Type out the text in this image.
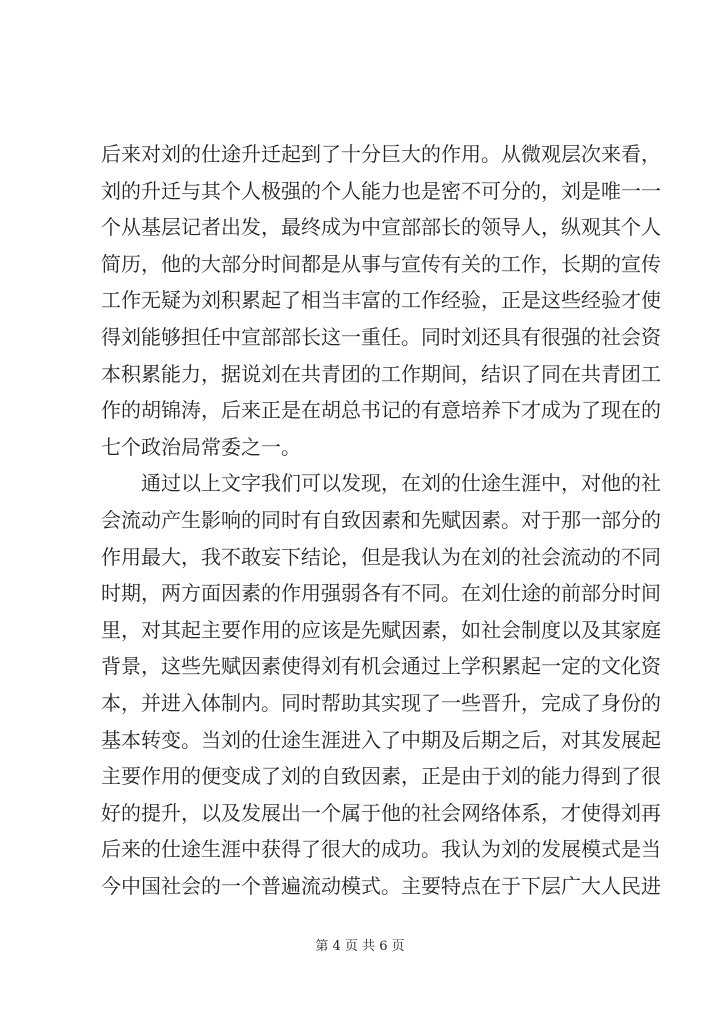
后来对刘的仕途升迁起到了十分巨大的作用。从微观层次来看，
刘的升迁与其个人极强的个人能力也是密不可分的，刘是唯一一
个从基层记者出发，最终成为中宣部部长的领导人，纵观其个人
简历，他的大部分时间都是从事与宣传有关的工作，长期的宣传
工作无疑为刘积累起了相当丰富的工作经验，正是这些经验才使
得刘能够担任中宣部部长这一重任。同时刘还具有很强的社会资
本积累能力，据说刘在共青团的工作期间，结识了同在共青团工
作的胡锦涛，后来正是在胡总书记的有意培养下才成为了现在的
七个政治局常委之一。
　　通过以上文字我们可以发现，在刘的仕途生涯中，对他的社
会流动产生影响的同时有自致因素和先赋因素。对于那一部分的
作用最大，我不敢妄下结论，但是我认为在刘的社会流动的不同
时期，两方面因素的作用强弱各有不同。在刘仕途的前部分时间
里，对其起主要作用的应该是先赋因素，如社会制度以及其家庭
背景，这些先赋因素使得刘有机会通过上学积累起一定的文化资
本，并进入体制内。同时帮助其实现了一些晋升，完成了身份的
基本转变。当刘的仕途生涯进入了中期及后期之后，对其发展起
主要作用的便变成了刘的自致因素，正是由于刘的能力得到了很
好的提升，以及发展出一个属于他的社会网络体系，才使得刘再
后来的仕途生涯中获得了很大的成功。我认为刘的发展模式是当
今中国社会的一个普遍流动模式。主要特点在于下层广大人民进
第 4 页 共 6 页
